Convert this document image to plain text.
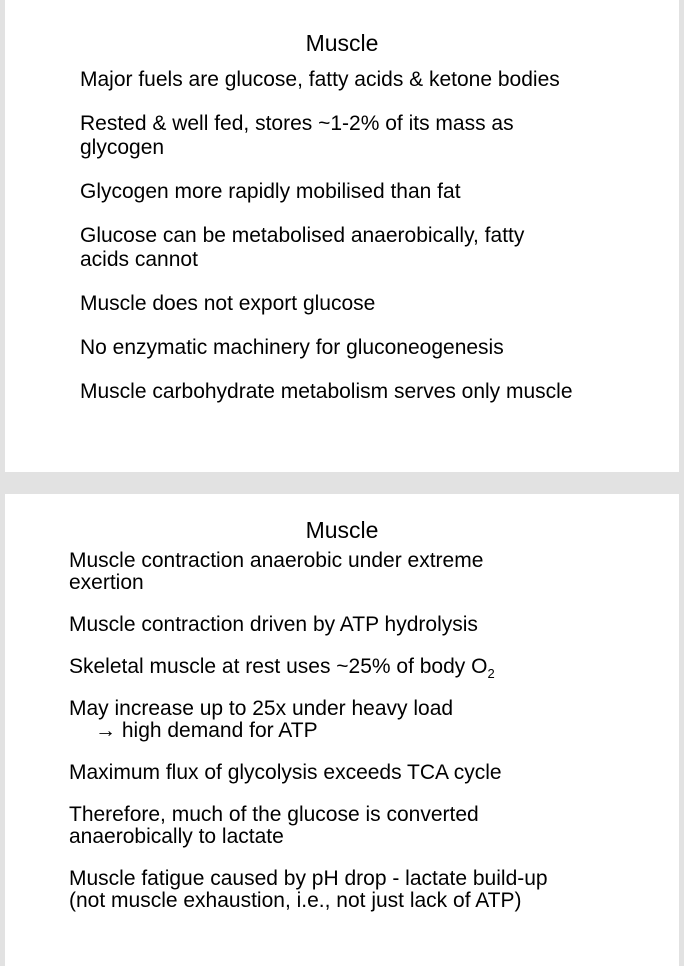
Muscle
Major fuels are glucose, fatty acids & ketone bodies
Rested & well fed, stores ~1-2% of its mass as
glycogen
Glycogen more rapidly mobilised than fat
Glucose can be metabolised anaerobically, fatty
acids cannot
Muscle does not export glucose
No enzymatic machinery for gluconeogenesis
Muscle carbohydrate metabolism serves only muscle
Muscle
Muscle contraction anaerobic under extreme
exertion
Muscle contraction driven by ATP hydrolysis
Skeletal muscle at rest uses ~25% of body $O_2$
May increase up to 25x under heavy load
→ high demand for ATP
Maximum flux of glycolysis exceeds TCA cycle
Therefore, much of the glucose is converted
anaerobically to lactate
Muscle fatigue caused by pH drop - lactate build-up
(not muscle exhaustion, i.e., not just lack of ATP)
